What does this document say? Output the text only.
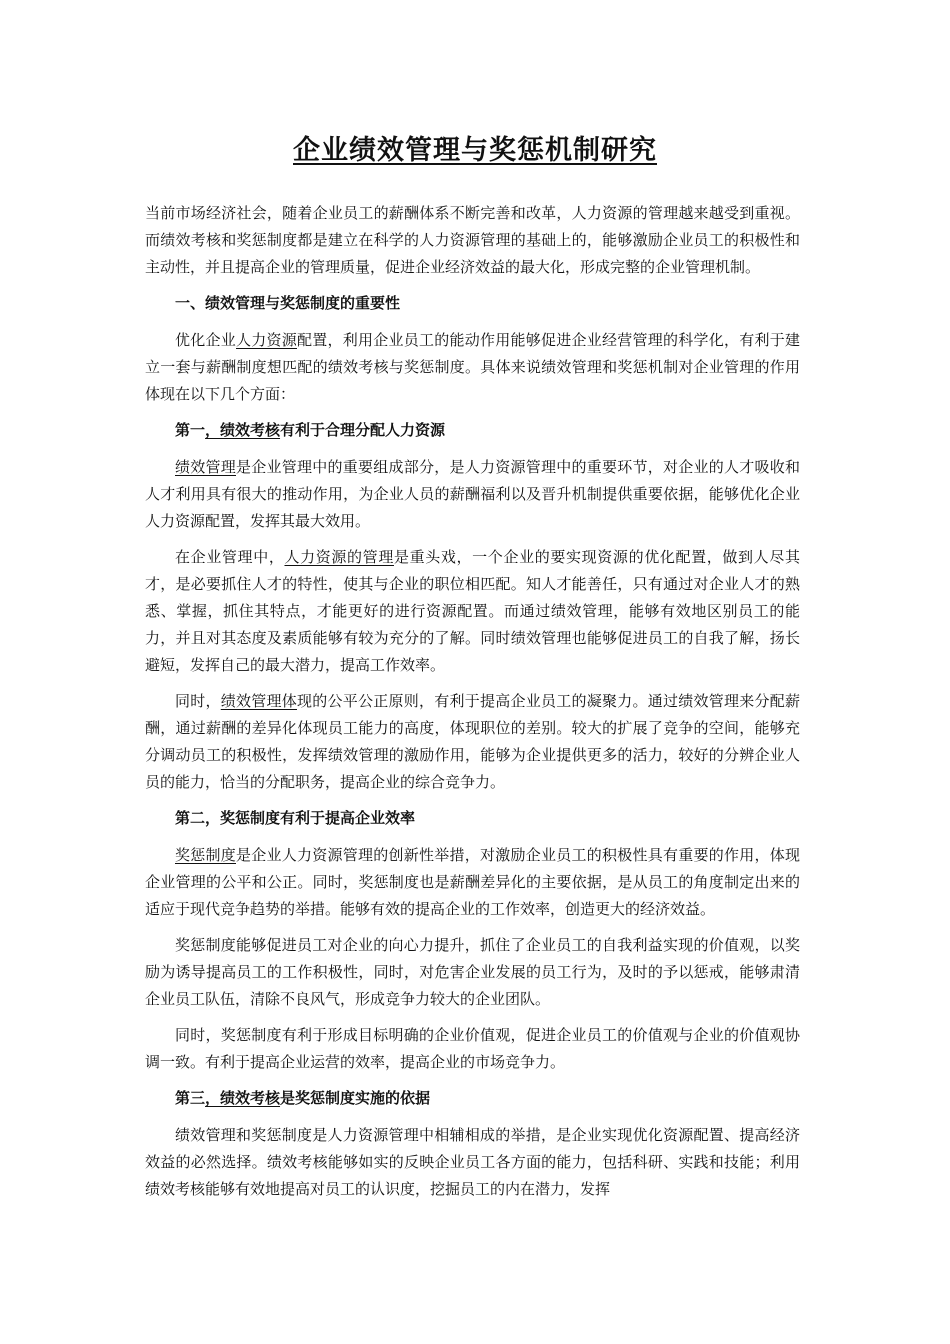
企业绩效管理与奖惩机制研究

当前市场经济社会，随着企业员工的薪酬体系不断完善和改革，人力资源的管理越来越受到重视。而绩效考核和奖惩制度都是建立在科学的人力资源管理的基础上的，能够激励企业员工的积极性和主动性，并且提高企业的管理质量，促进企业经济效益的最大化，形成完整的企业管理机制。

一、绩效管理与奖惩制度的重要性

优化企业人力资源配置，利用企业员工的能动作用能够促进企业经营管理的科学化，有利于建立一套与薪酬制度想匹配的绩效考核与奖惩制度。具体来说绩效管理和奖惩机制对企业管理的作用体现在以下几个方面：

第一，绩效考核有利于合理分配人力资源

绩效管理是企业管理中的重要组成部分，是人力资源管理中的重要环节，对企业的人才吸收和人才利用具有很大的推动作用，为企业人员的薪酬福利以及晋升机制提供重要依据，能够优化企业人力资源配置，发挥其最大效用。

在企业管理中，人力资源的管理是重头戏，一个企业的要实现资源的优化配置，做到人尽其才，是必要抓住人才的特性，使其与企业的职位相匹配。知人才能善任，只有通过对企业人才的熟悉、掌握，抓住其特点，才能更好的进行资源配置。而通过绩效管理，能够有效地区别员工的能力，并且对其态度及素质能够有较为充分的了解。同时绩效管理也能够促进员工的自我了解，扬长避短，发挥自己的最大潜力，提高工作效率。

同时，绩效管理体现的公平公正原则，有利于提高企业员工的凝聚力。通过绩效管理来分配薪酬，通过薪酬的差异化体现员工能力的高度，体现职位的差别。较大的扩展了竞争的空间，能够充分调动员工的积极性，发挥绩效管理的激励作用，能够为企业提供更多的活力，较好的分辨企业人员的能力，恰当的分配职务，提高企业的综合竞争力。

第二，奖惩制度有利于提高企业效率

奖惩制度是企业人力资源管理的创新性举措，对激励企业员工的积极性具有重要的作用，体现企业管理的公平和公正。同时，奖惩制度也是薪酬差异化的主要依据，是从员工的角度制定出来的适应于现代竞争趋势的举措。能够有效的提高企业的工作效率，创造更大的经济效益。

奖惩制度能够促进员工对企业的向心力提升，抓住了企业员工的自我利益实现的价值观，以奖励为诱导提高员工的工作积极性，同时，对危害企业发展的员工行为，及时的予以惩戒，能够肃清企业员工队伍，清除不良风气，形成竞争力较大的企业团队。

同时，奖惩制度有利于形成目标明确的企业价值观，促进企业员工的价值观与企业的价值观协调一致。有利于提高企业运营的效率，提高企业的市场竞争力。

第三，绩效考核是奖惩制度实施的依据

绩效管理和奖惩制度是人力资源管理中相辅相成的举措，是企业实现优化资源配置、提高经济效益的必然选择。绩效考核能够如实的反映企业员工各方面的能力，包括科研、实践和技能；利用绩效考核能够有效地提高对员工的认识度，挖掘员工的内在潜力，发挥
